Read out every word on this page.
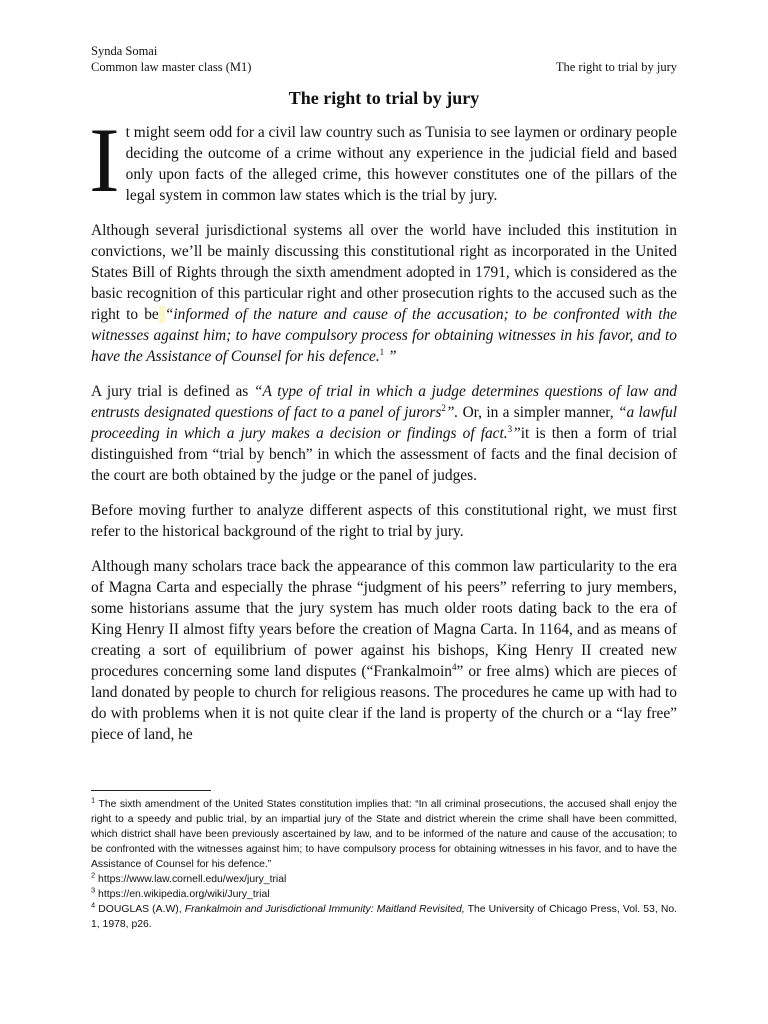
Synda Somai
Common law master class (M1)	The right to trial by jury
The right to trial by jury

It might seem odd for a civil law country such as Tunisia to see laymen or ordinary people deciding the outcome of a crime without any experience in the judicial field and based only upon facts of the alleged crime, this however constitutes one of the pillars of the legal system in common law states which is the trial by jury.

Although several jurisdictional systems all over the world have included this institution in convictions, we’ll be mainly discussing this constitutional right as incorporated in the United States Bill of Rights through the sixth amendment adopted in 1791, which is considered as the basic recognition of this particular right and other prosecution rights to the accused such as the right to be “informed of the nature and cause of the accusation; to be confronted with the witnesses against him; to have compulsory process for obtaining witnesses in his favor, and to have the Assistance of Counsel for his defence.$^1$ ”

A jury trial is defined as “A type of trial in which a judge determines questions of law and entrusts designated questions of fact to a panel of jurors$^2$”. Or, in a simpler manner, “a lawful proceeding in which a jury makes a decision or findings of fact.$^3$”it is then a form of trial distinguished from “trial by bench” in which the assessment of facts and the final decision of the court are both obtained by the judge or the panel of judges.

Before moving further to analyze different aspects of this constitutional right, we must first refer to the historical background of the right to trial by jury.

Although many scholars trace back the appearance of this common law particularity to the era of Magna Carta and especially the phrase “judgment of his peers” referring to jury members, some historians assume that the jury system has much older roots dating back to the era of King Henry II almost fifty years before the creation of Magna Carta. In 1164, and as means of creating a sort of equilibrium of power against his bishops, King Henry II created new procedures concerning some land disputes (“Frankalmoin$^4$” or free alms) which are pieces of land donated by people to church for religious reasons. The procedures he came up with had to do with problems when it is not quite clear if the land is property of the church or a “lay free” piece of land, he

$^1$ The sixth amendment of the United States constitution implies that: “In all criminal prosecutions, the accused shall enjoy the right to a speedy and public trial, by an impartial jury of the State and district wherein the crime shall have been committed, which district shall have been previously ascertained by law, and to be informed of the nature and cause of the accusation; to be confronted with the witnesses against him; to have compulsory process for obtaining witnesses in his favor, and to have the Assistance of Counsel for his defence.”

$^2$ https://www.law.cornell.edu/wex/jury_trial

$^3$ https://en.wikipedia.org/wiki/Jury_trial

$^4$ DOUGLAS (A.W), Frankalmoin and Jurisdictional Immunity: Maitland Revisited, The University of Chicago Press, Vol. 53, No. 1, 1978, p26.
